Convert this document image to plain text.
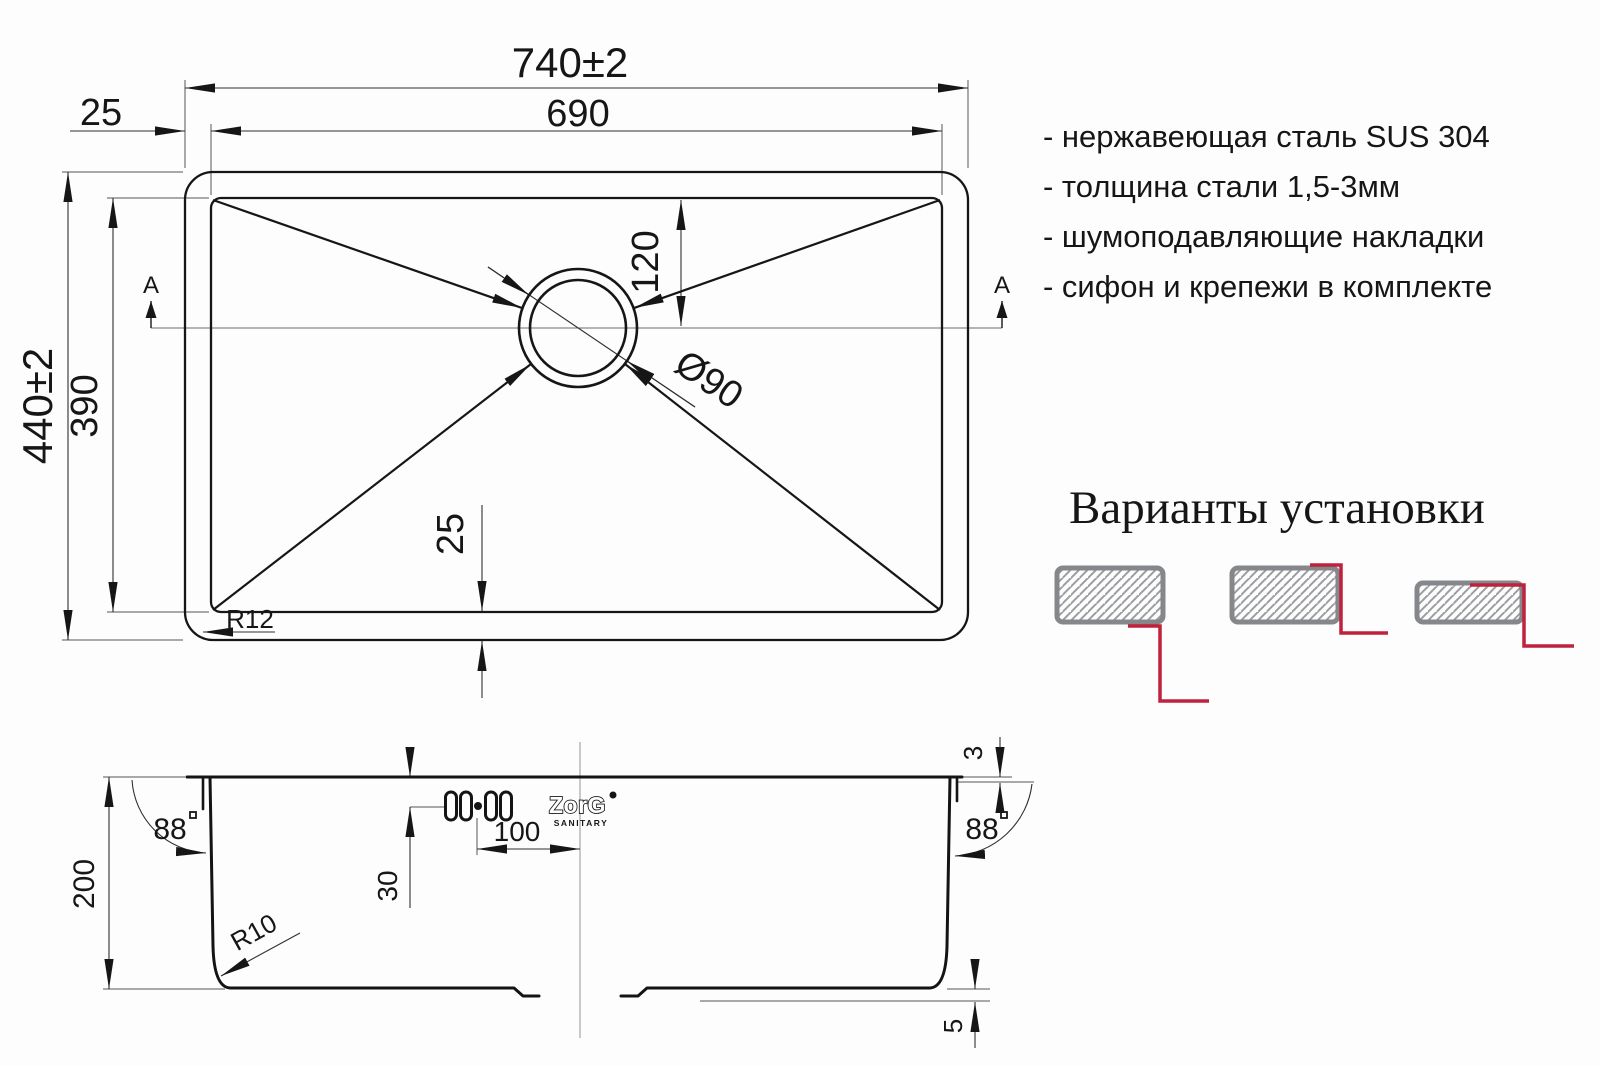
A	A
740±2
690
25
440±2 390
120
Ø90
25
R12
ZorG
SANITARY
200
88
R10
30
100
3
88
5
- нержавеющая сталь SUS 304
- толщина стали 1,5-3мм
- шумоподавляющие накладки
- сифон и крепежи в комплекте
Варианты установки
